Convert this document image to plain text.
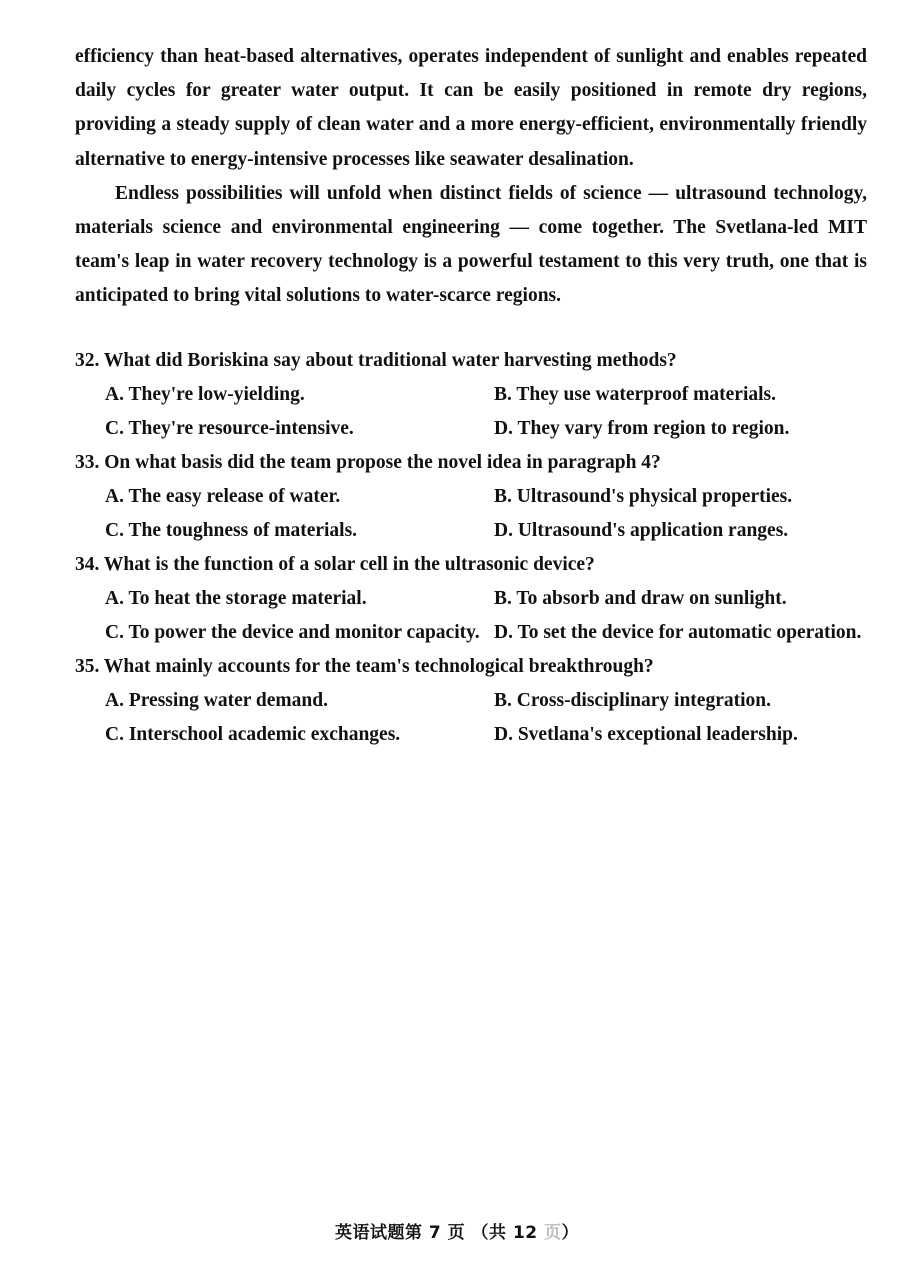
efficiency than heat-based alternatives, operates independent of sunlight and enables repeated daily cycles for greater water output. It can be easily positioned in remote dry regions, providing a steady supply of clean water and a more energy-efficient, environmentally friendly alternative to energy-intensive processes like seawater desalination.

Endless possibilities will unfold when distinct fields of science — ultrasound technology, materials science and environmental engineering — come together. The Svetlana-led MIT team's leap in water recovery technology is a powerful testament to this very truth, one that is anticipated to bring vital solutions to water-scarce regions.

32. What did Boriskina say about traditional water harvesting methods?
A. They're low-yielding.	B. They use waterproof materials.
C. They're resource-intensive.	D. They vary from region to region.
33. On what basis did the team propose the novel idea in paragraph 4?
A. The easy release of water.	B. Ultrasound's physical properties.
C. The toughness of materials.	D. Ultrasound's application ranges.
34. What is the function of a solar cell in the ultrasonic device?
A. To heat the storage material.	B. To absorb and draw on sunlight.
C. To power the device and monitor capacity. D. To set the device for automatic operation.
35. What mainly accounts for the team's technological breakthrough?
A. Pressing water demand.	B. Cross-disciplinary integration.
C. Interschool academic exchanges.	D. Svetlana's exceptional leadership.
英语试题第 7 页 （共 12 页）
